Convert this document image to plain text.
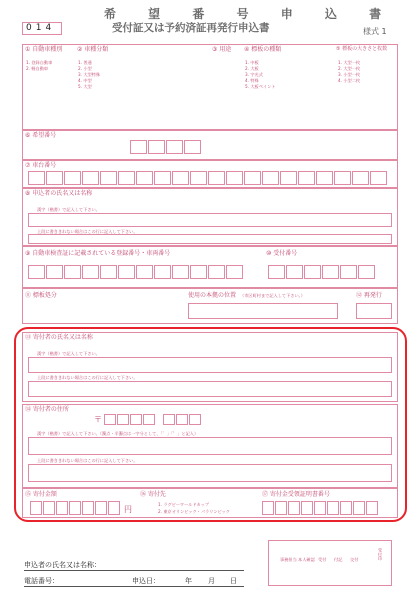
014
希 望 番 号 申 込 書
受付証又は予約済証再発行申込書	様式 1
① 自動車種別
1. 登録自動車
2. 軽自動車
② 車種分類
1. 普通
2. 小型
3. 大型特殊
4. 中型
5. 大型
③ 用途 ④ 標板の種類
1. 中板
2. 大板
3. 字光式
4. 特殊
5. 大板ペイント
⑤ 標板の大きさと枚数
1. 大型一枚
2. 大型一枚
3. 小型一枚
4. 小型二枚
⑥ 希望番号
⑦ 車台番号
⑧ 申込者の氏名又は名称
漢字（楷書）で記入して下さい。
上段に書ききれない場合はこの行に記入して下さい。
⑨ 自動車検査証に記載されている登録番号・車両番号	⑩ 受付番号
⑪ 標板処分	使用の本拠の位置 （市区町村まで記入して下さい。）	⑫ 再発行
⑬ 寄付者の氏名又は名称
漢字（楷書）で記入して下さい。
上段に書ききれない場合はこの行に記入して下さい。
⑭ 寄付者の住所
〒
漢字（楷書）で記入して下さい。（濁点・半濁点は一字分として、「゛」「゜」と記入）
上段に書ききれない場合はこの行に記入して下さい。
⑮ 寄付金額
円
⑯ 寄付先
1. ラグビーワールドカップ
2. 東京オリンピック・パラリンピック
⑰ 寄付金受領証明書番号
申込者の氏名又は名称：
電話番号：	申込日：	年 月 日
事務担当 本人確認 受付 付記 交付	受付印
